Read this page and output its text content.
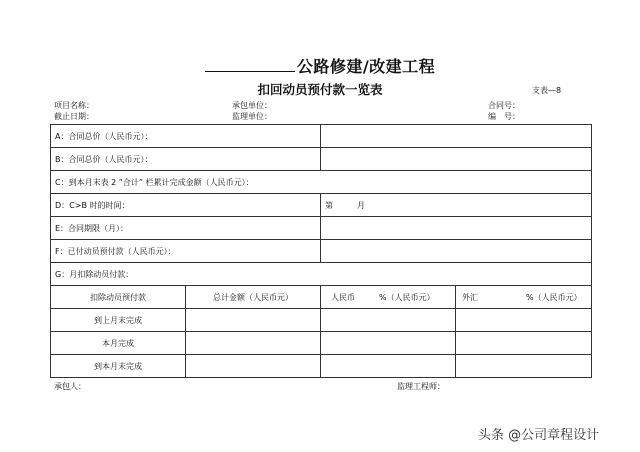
公路修建/改建工程
扣回动员预付款一览表	支表—8
项目名称：	承包单位：	合同号：
截止日期：	监理单位：	编　号：
A：合同总价（人民币元）：			
B：合同总价（人民币元）：			
C：到本月末表 2 “合计” 栏累计完成金额（人民币元）：			
D：C>B 时的时间：		第　　　月	
E：合同期限（月）：			
F：已付动员预付款（人民币元）：			
G：月扣除动员付款：			
扣除动员预付款	总计金额（人民币元）	人民币 %（人民币元）	外汇 %（人民币元）
到上月末完成			
本月完成			
到本月末完成			
承包人：	监理工程师：
头条 @公司章程设计
